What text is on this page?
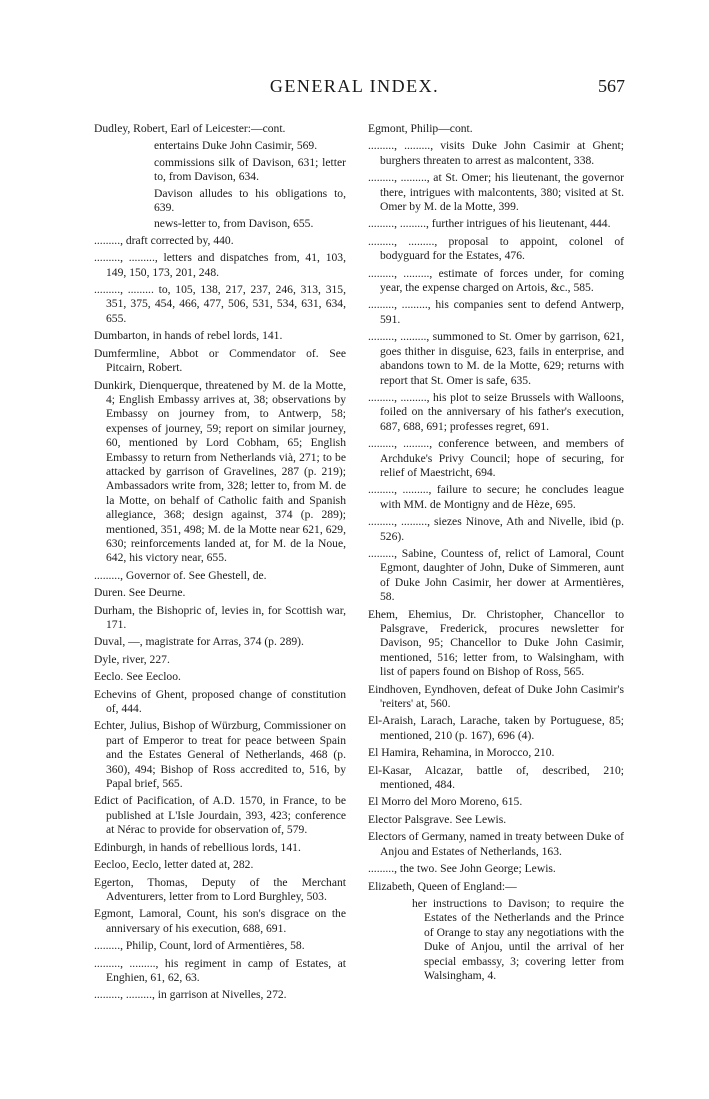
GENERAL INDEX.	567

Dudley, Robert, Earl of Leicester:—cont.

entertains Duke John Casimir, 569.

commissions silk of Davison, 631; letter to, from Davison, 634.

Davison alludes to his obligations to, 639.

news-letter to, from Davison, 655.

........., draft corrected by, 440.

........., ........., letters and dispatches from, 41, 103, 149, 150, 173, 201, 248.

........., ......... to, 105, 138, 217, 237, 246, 313, 315, 351, 375, 454, 466, 477, 506, 531, 534, 631, 634, 655.

Dumbarton, in hands of rebel lords, 141.

Dumfermline, Abbot or Commendator of. See Pitcairn, Robert.

Dunkirk, Dienquerque, threatened by M. de la Motte, 4; English Embassy arrives at, 38; observations by Embassy on journey from, to Antwerp, 58; expenses of journey, 59; report on similar journey, 60, mentioned by Lord Cobham, 65; English Embassy to return from Netherlands vià, 271; to be attacked by garrison of Gravelines, 287 (p. 219); Ambassadors write from, 328; letter to, from M. de la Motte, on behalf of Catholic faith and Spanish allegiance, 368; design against, 374 (p. 289); mentioned, 351, 498; M. de la Motte near 621, 629, 630; reinforcements landed at, for M. de la Noue, 642, his victory near, 655.

........., Governor of. See Ghestell, de.

Duren. See Deurne.

Durham, the Bishopric of, levies in, for Scottish war, 171.

Duval, —, magistrate for Arras, 374 (p. 289).

Dyle, river, 227.

Eeclo. See Eecloo.

Echevins of Ghent, proposed change of constitution of, 444.

Echter, Julius, Bishop of Würzburg, Commissioner on part of Emperor to treat for peace between Spain and the Estates General of Netherlands, 468 (p. 360), 494; Bishop of Ross accredited to, 516, by Papal brief, 565.

Edict of Pacification, of A.D. 1570, in France, to be published at L'Isle Jourdain, 393, 423; conference at Nérac to provide for observation of, 579.

Edinburgh, in hands of rebellious lords, 141.

Eecloo, Eeclo, letter dated at, 282.

Egerton, Thomas, Deputy of the Merchant Adventurers, letter from to Lord Burghley, 503.

Egmont, Lamoral, Count, his son's disgrace on the anniversary of his execution, 688, 691.

........., Philip, Count, lord of Armentières, 58.

........., ........., his regiment in camp of Estates, at Enghien, 61, 62, 63.

........., ........., in garrison at Nivelles, 272.

Egmont, Philip—cont.

........., ........., visits Duke John Casimir at Ghent; burghers threaten to arrest as malcontent, 338.

........., ........., at St. Omer; his lieutenant, the governor there, intrigues with malcontents, 380; visited at St. Omer by M. de la Motte, 399.

........., ........., further intrigues of his lieutenant, 444.

........., ........., proposal to appoint, colonel of bodyguard for the Estates, 476.

........., ........., estimate of forces under, for coming year, the expense charged on Artois, &c., 585.

........., ........., his companies sent to defend Antwerp, 591.

........., ........., summoned to St. Omer by garrison, 621, goes thither in disguise, 623, fails in enterprise, and abandons town to M. de la Motte, 629; returns with report that St. Omer is safe, 635.

........., ........., his plot to seize Brussels with Walloons, foiled on the anniversary of his father's execution, 687, 688, 691; professes regret, 691.

........., ........., conference between, and members of Archduke's Privy Council; hope of securing, for relief of Maestricht, 694.

........., ........., failure to secure; he concludes league with MM. de Montigny and de Hèze, 695.

........., ........., siezes Ninove, Ath and Nivelle, ibid (p. 526).

........., Sabine, Countess of, relict of Lamoral, Count Egmont, daughter of John, Duke of Simmeren, aunt of Duke John Casimir, her dower at Armentières, 58.

Ehem, Ehemius, Dr. Christopher, Chancellor to Palsgrave, Frederick, procures newsletter for Davison, 95; Chancellor to Duke John Casimir, mentioned, 516; letter from, to Walsingham, with list of papers found on Bishop of Ross, 565.

Eindhoven, Eyndhoven, defeat of Duke John Casimir's 'reiters' at, 560.

El-Araish, Larach, Larache, taken by Portuguese, 85; mentioned, 210 (p. 167), 696 (4).

El Hamira, Rehamina, in Morocco, 210.

El-Kasar, Alcazar, battle of, described, 210; mentioned, 484.

El Morro del Moro Moreno, 615.

Elector Palsgrave. See Lewis.

Electors of Germany, named in treaty between Duke of Anjou and Estates of Netherlands, 163.

........., the two. See John George; Lewis.

Elizabeth, Queen of England:—

her instructions to Davison; to require the Estates of the Netherlands and the Prince of Orange to stay any negotiations with the Duke of Anjou, until the arrival of her special embassy, 3; covering letter from Walsingham, 4.
